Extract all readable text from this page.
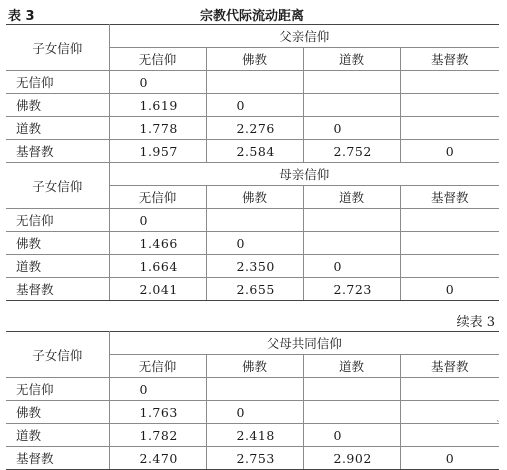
表 3	宗教代际流动距离
子女信仰	父亲信仰			
	无信仰	佛教	道教	基督教
无信仰	0			
佛教	1.619	0		
道教	1.778	2.276	0	
基督教	1.957	2.584	2.752	0
子女信仰	母亲信仰			
	无信仰	佛教	道教	基督教
无信仰	0			
佛教	1.466	0		
道教	1.664	2.350	0	
基督教	2.041	2.655	2.723	0
续表 3
子女信仰	父母共同信仰			
	无信仰	佛教	道教	基督教
无信仰	0			
佛教	1.763	0		
道教	1.782	2.418	0	
基督教	2.470	2.753	2.902	0
ˋ
